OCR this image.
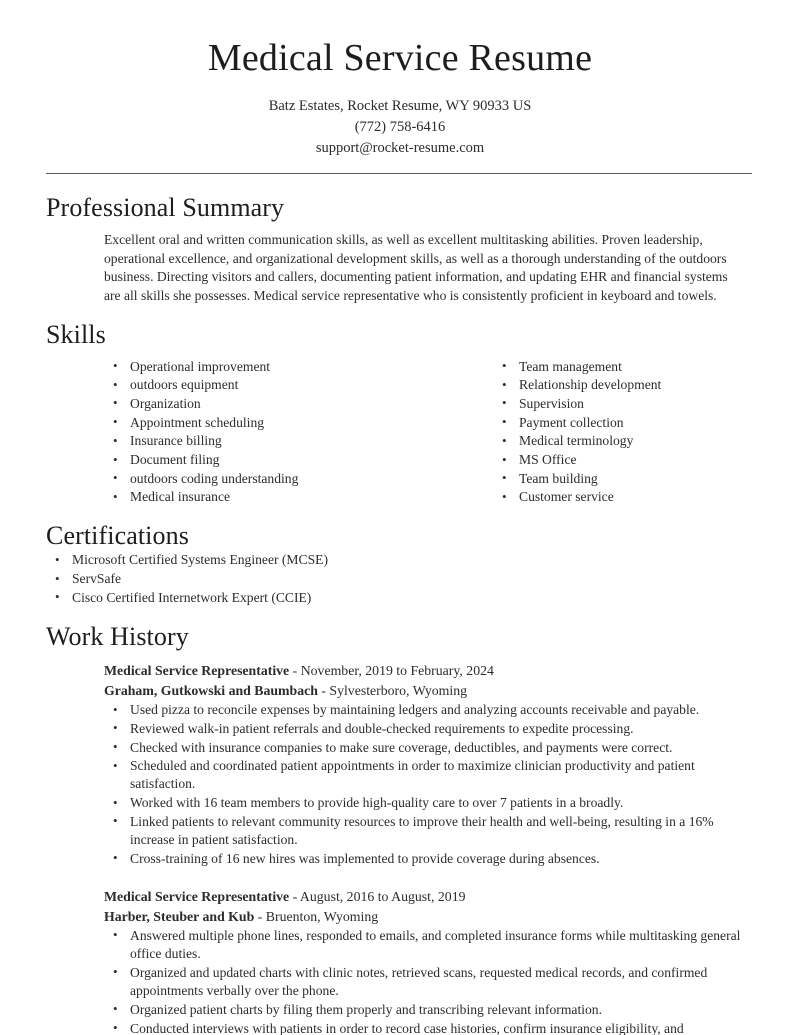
Medical Service Resume
Batz Estates, Rocket Resume, WY 90933 US
(772) 758-6416
support@rocket-resume.com
Professional Summary

Excellent oral and written communication skills, as well as excellent multitasking abilities. Proven leadership, operational excellence, and organizational development skills, as well as a thorough understanding of the outdoors business. Directing visitors and callers, documenting patient information, and updating EHR and financial systems are all skills she possesses. Medical service representative who is consistently proficient in keyboard and towels.

Skills
• Operational improvement
• outdoors equipment
• Organization
• Appointment scheduling
• Insurance billing
• Document filing
• outdoors coding understanding
• Medical insurance
• Team management
• Relationship development
• Supervision
• Payment collection
• Medical terminology
• MS Office
• Team building
• Customer service
Certifications
• Microsoft Certified Systems Engineer (MCSE)
• ServSafe
• Cisco Certified Internetwork Expert (CCIE)
Work History
Medical Service Representative - November, 2019 to February, 2024
Graham, Gutkowski and Baumbach - Sylvesterboro, Wyoming
• Used pizza to reconcile expenses by maintaining ledgers and analyzing accounts receivable and payable.
• Reviewed walk-in patient referrals and double-checked requirements to expedite processing.
• Checked with insurance companies to make sure coverage, deductibles, and payments were correct.
• Scheduled and coordinated patient appointments in order to maximize clinician productivity and patient satisfaction.
• Worked with 16 team members to provide high-quality care to over 7 patients in a broadly.
• Linked patients to relevant community resources to improve their health and well-being, resulting in a 16% increase in patient satisfaction.
• Cross-training of 16 new hires was implemented to provide coverage during absences.
Medical Service Representative - August, 2016 to August, 2019
Harber, Steuber and Kub - Bruenton, Wyoming
• Answered multiple phone lines, responded to emails, and completed insurance forms while multitasking general office duties.
• Organized and updated charts with clinic notes, retrieved scans, requested medical records, and confirmed appointments verbally over the phone.
• Organized patient charts by filing them properly and transcribing relevant information.
• Conducted interviews with patients in order to record case histories, confirm insurance eligibility, and
